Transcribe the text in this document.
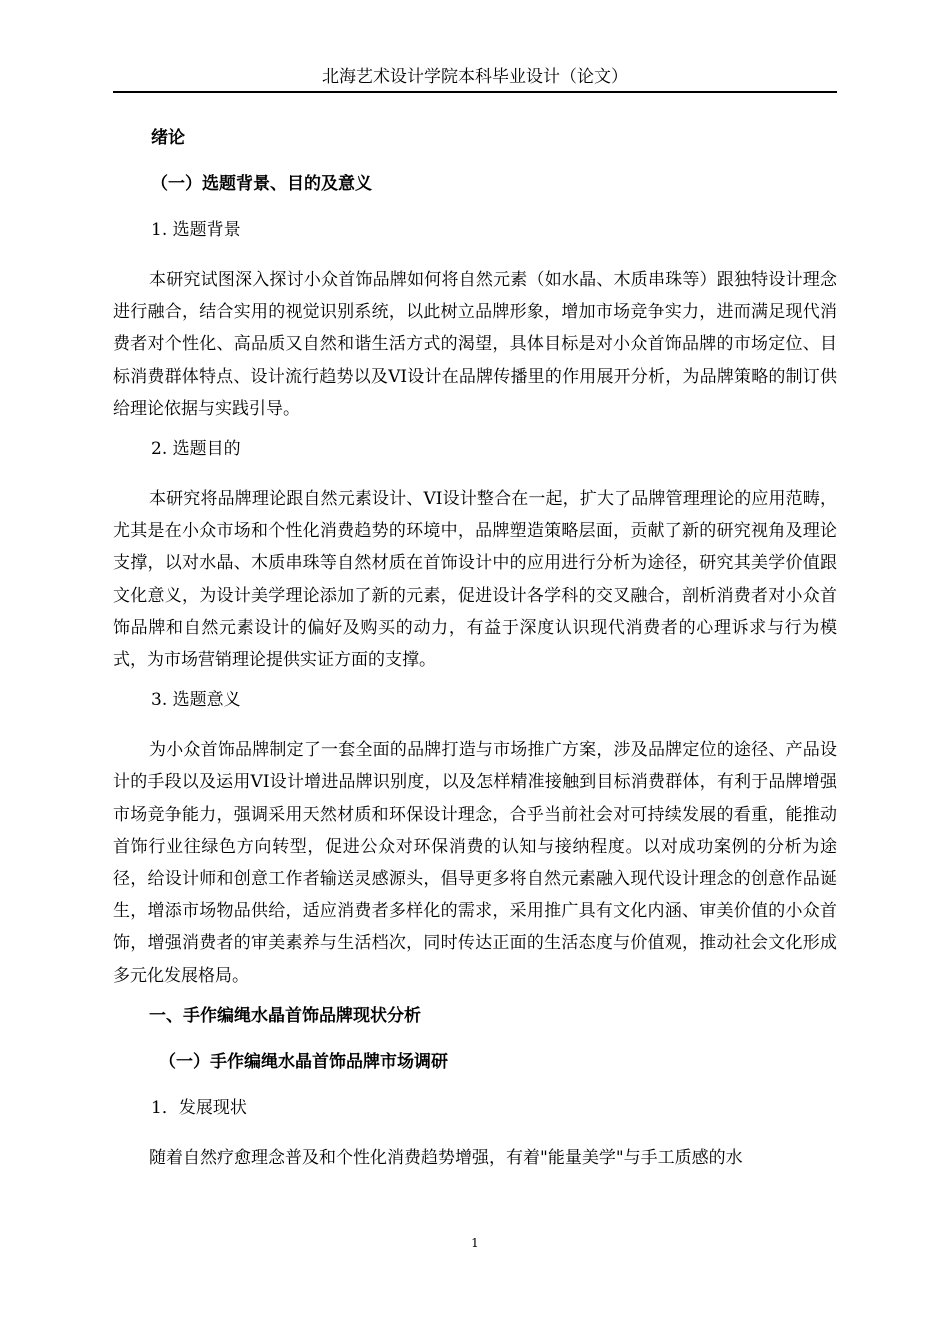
北海艺术设计学院本科毕业设计（论文）
绪论
（一）选题背景、目的及意义
1. 选题背景

本研究试图深入探讨小众首饰品牌如何将自然元素（如水晶、木质串珠等）跟独特设计理念进行融合，结合实用的视觉识别系统，以此树立品牌形象，增加市场竞争实力，进而满足现代消费者对个性化、高品质又自然和谐生活方式的渴望，具体目标是对小众首饰品牌的市场定位、目标消费群体特点、设计流行趋势以及VI设计在品牌传播里的作用展开分析，为品牌策略的制订供给理论依据与实践引导。

2. 选题目的

本研究将品牌理论跟自然元素设计、VI设计整合在一起，扩大了品牌管理理论的应用范畴，尤其是在小众市场和个性化消费趋势的环境中，品牌塑造策略层面，贡献了新的研究视角及理论支撑，以对水晶、木质串珠等自然材质在首饰设计中的应用进行分析为途径，研究其美学价值跟文化意义，为设计美学理论添加了新的元素，促进设计各学科的交叉融合，剖析消费者对小众首饰品牌和自然元素设计的偏好及购买的动力，有益于深度认识现代消费者的心理诉求与行为模式，为市场营销理论提供实证方面的支撑。

3. 选题意义

为小众首饰品牌制定了一套全面的品牌打造与市场推广方案，涉及品牌定位的途径、产品设计的手段以及运用VI设计增进品牌识别度，以及怎样精准接触到目标消费群体，有利于品牌增强市场竞争能力，强调采用天然材质和环保设计理念，合乎当前社会对可持续发展的看重，能推动首饰行业往绿色方向转型，促进公众对环保消费的认知与接纳程度。以对成功案例的分析为途径，给设计师和创意工作者输送灵感源头，倡导更多将自然元素融入现代设计理念的创意作品诞生，增添市场物品供给，适应消费者多样化的需求，采用推广具有文化内涵、审美价值的小众首饰，增强消费者的审美素养与生活档次，同时传达正面的生活态度与价值观，推动社会文化形成多元化发展格局。

一、手作编绳水晶首饰品牌现状分析
（一）手作编绳水晶首饰品牌市场调研
1．发展现状

随着自然疗愈理念普及和个性化消费趋势增强，有着"能量美学"与手工质感的水

1
